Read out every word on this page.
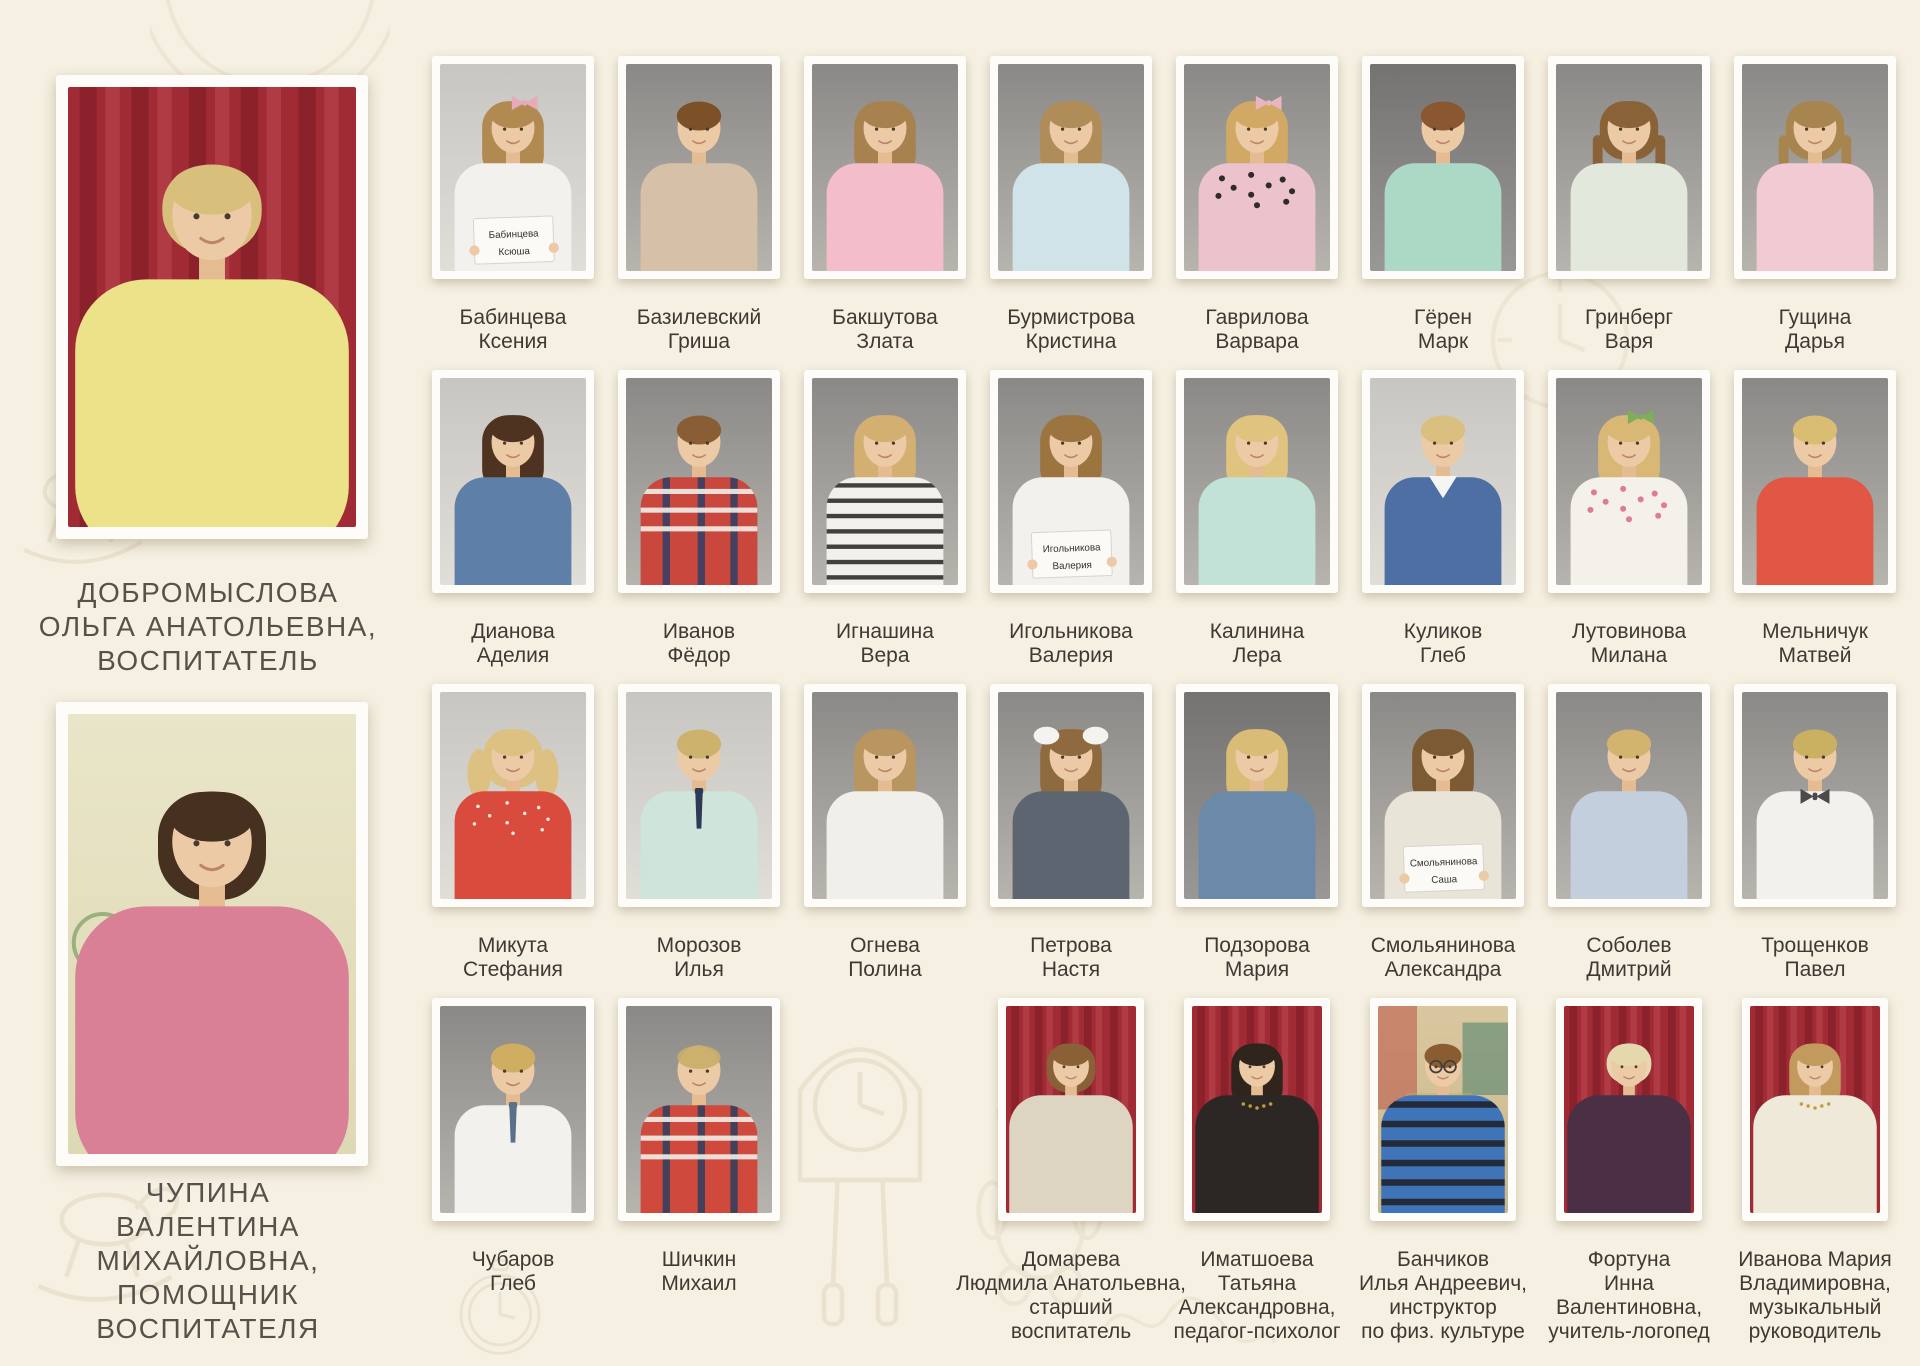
ДОБРОМЫСЛОВА
ОЛЬГА АНАТОЛЬЕВНА,
ВОСПИТАТЕЛЬ
ЧУПИНА
ВАЛЕНТИНА
МИХАЙЛОВНА,
ПОМОЩНИК
ВОСПИТАТЕЛЯ
Бабинцева
Ксюша
Бабинцева
Ксения
Базилевский
Гриша
Бакшутова
Злата
Бурмистрова
Кристина
Гаврилова
Варвара
Гёрен
Марк
Гринберг
Варя
Гущина
Дарья
Дианова
Аделия
Иванов
Фёдор
Игнашина
Вера
Игольникова
Валерия
Игольникова
Валерия
Калинина
Лера
Куликов
Глеб
Лутовинова
Милана
Мельничук
Матвей
Микута
Стефания
Морозов
Илья
Огнева
Полина
Петрова
Настя
Подзорова
Мария
Смольянинова
Саша
Смольянинова
Александра
Соболев
Дмитрий
Трощенков
Павел
Чубаров
Глеб
Шичкин
Михаил
Домарева
Людмила Анатольевна,
старший
воспитатель
Иматшоева
Татьяна
Александровна,
педагог-психолог
Банчиков
Илья Андреевич,
инструктор
по физ. культуре
Фортуна
Инна
Валентиновна,
учитель-логопед
Иванова Мария
Владимировна,
музыкальный
руководитель
